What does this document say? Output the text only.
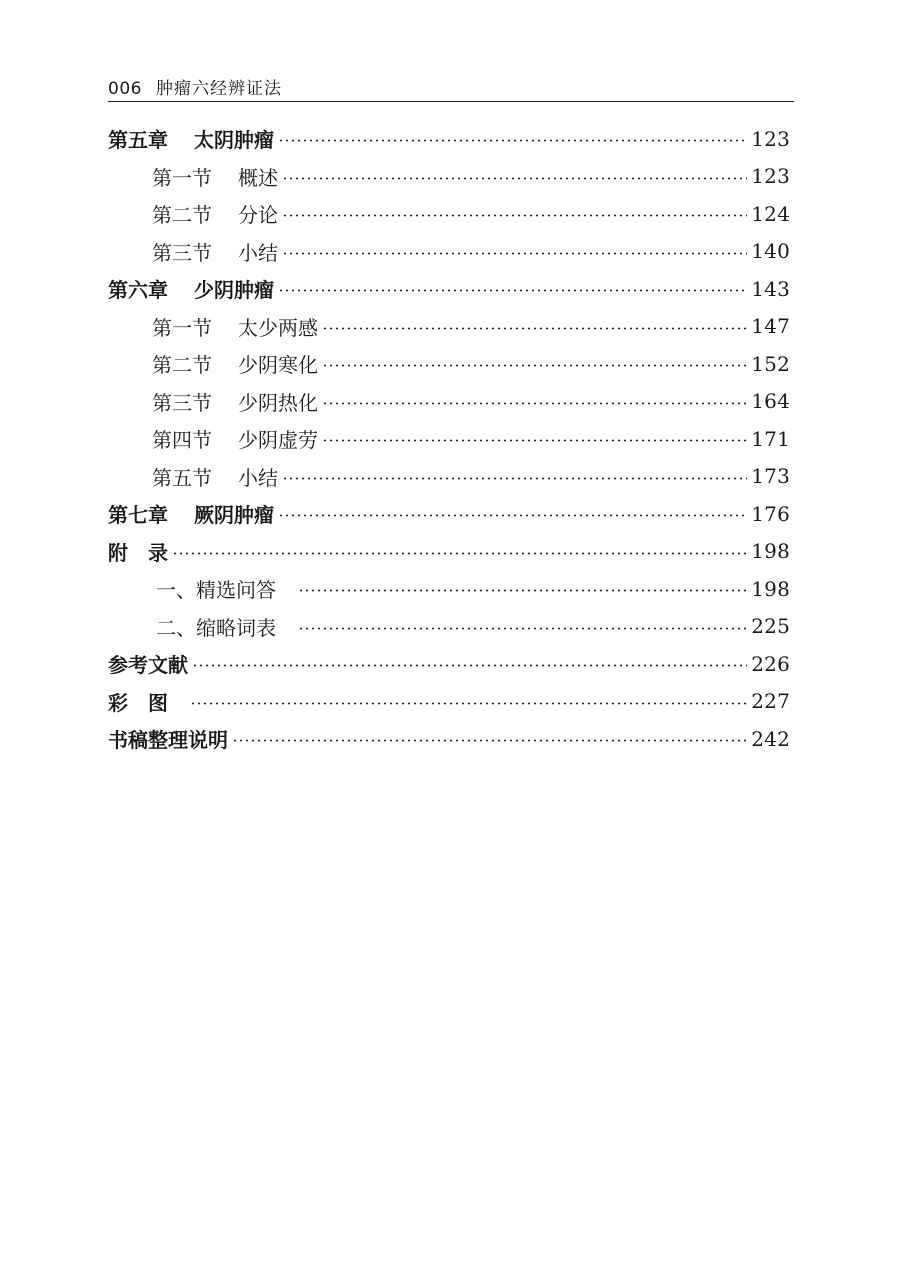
006 肿瘤六经辨证法
第五章 太阴肿瘤	123
第一节 概述	123
第二节 分论	124
第三节 小结	140
第六章 少阴肿瘤	143
第一节 太少两感	147
第二节 少阴寒化	152
第三节 少阴热化	164
第四节 少阴虚劳	171
第五节 小结	173
第七章 厥阴肿瘤	176
附　录	198
一、精选问答	198
二、缩略词表	225
参考文献	226
彩　图	227
书稿整理说明	242
